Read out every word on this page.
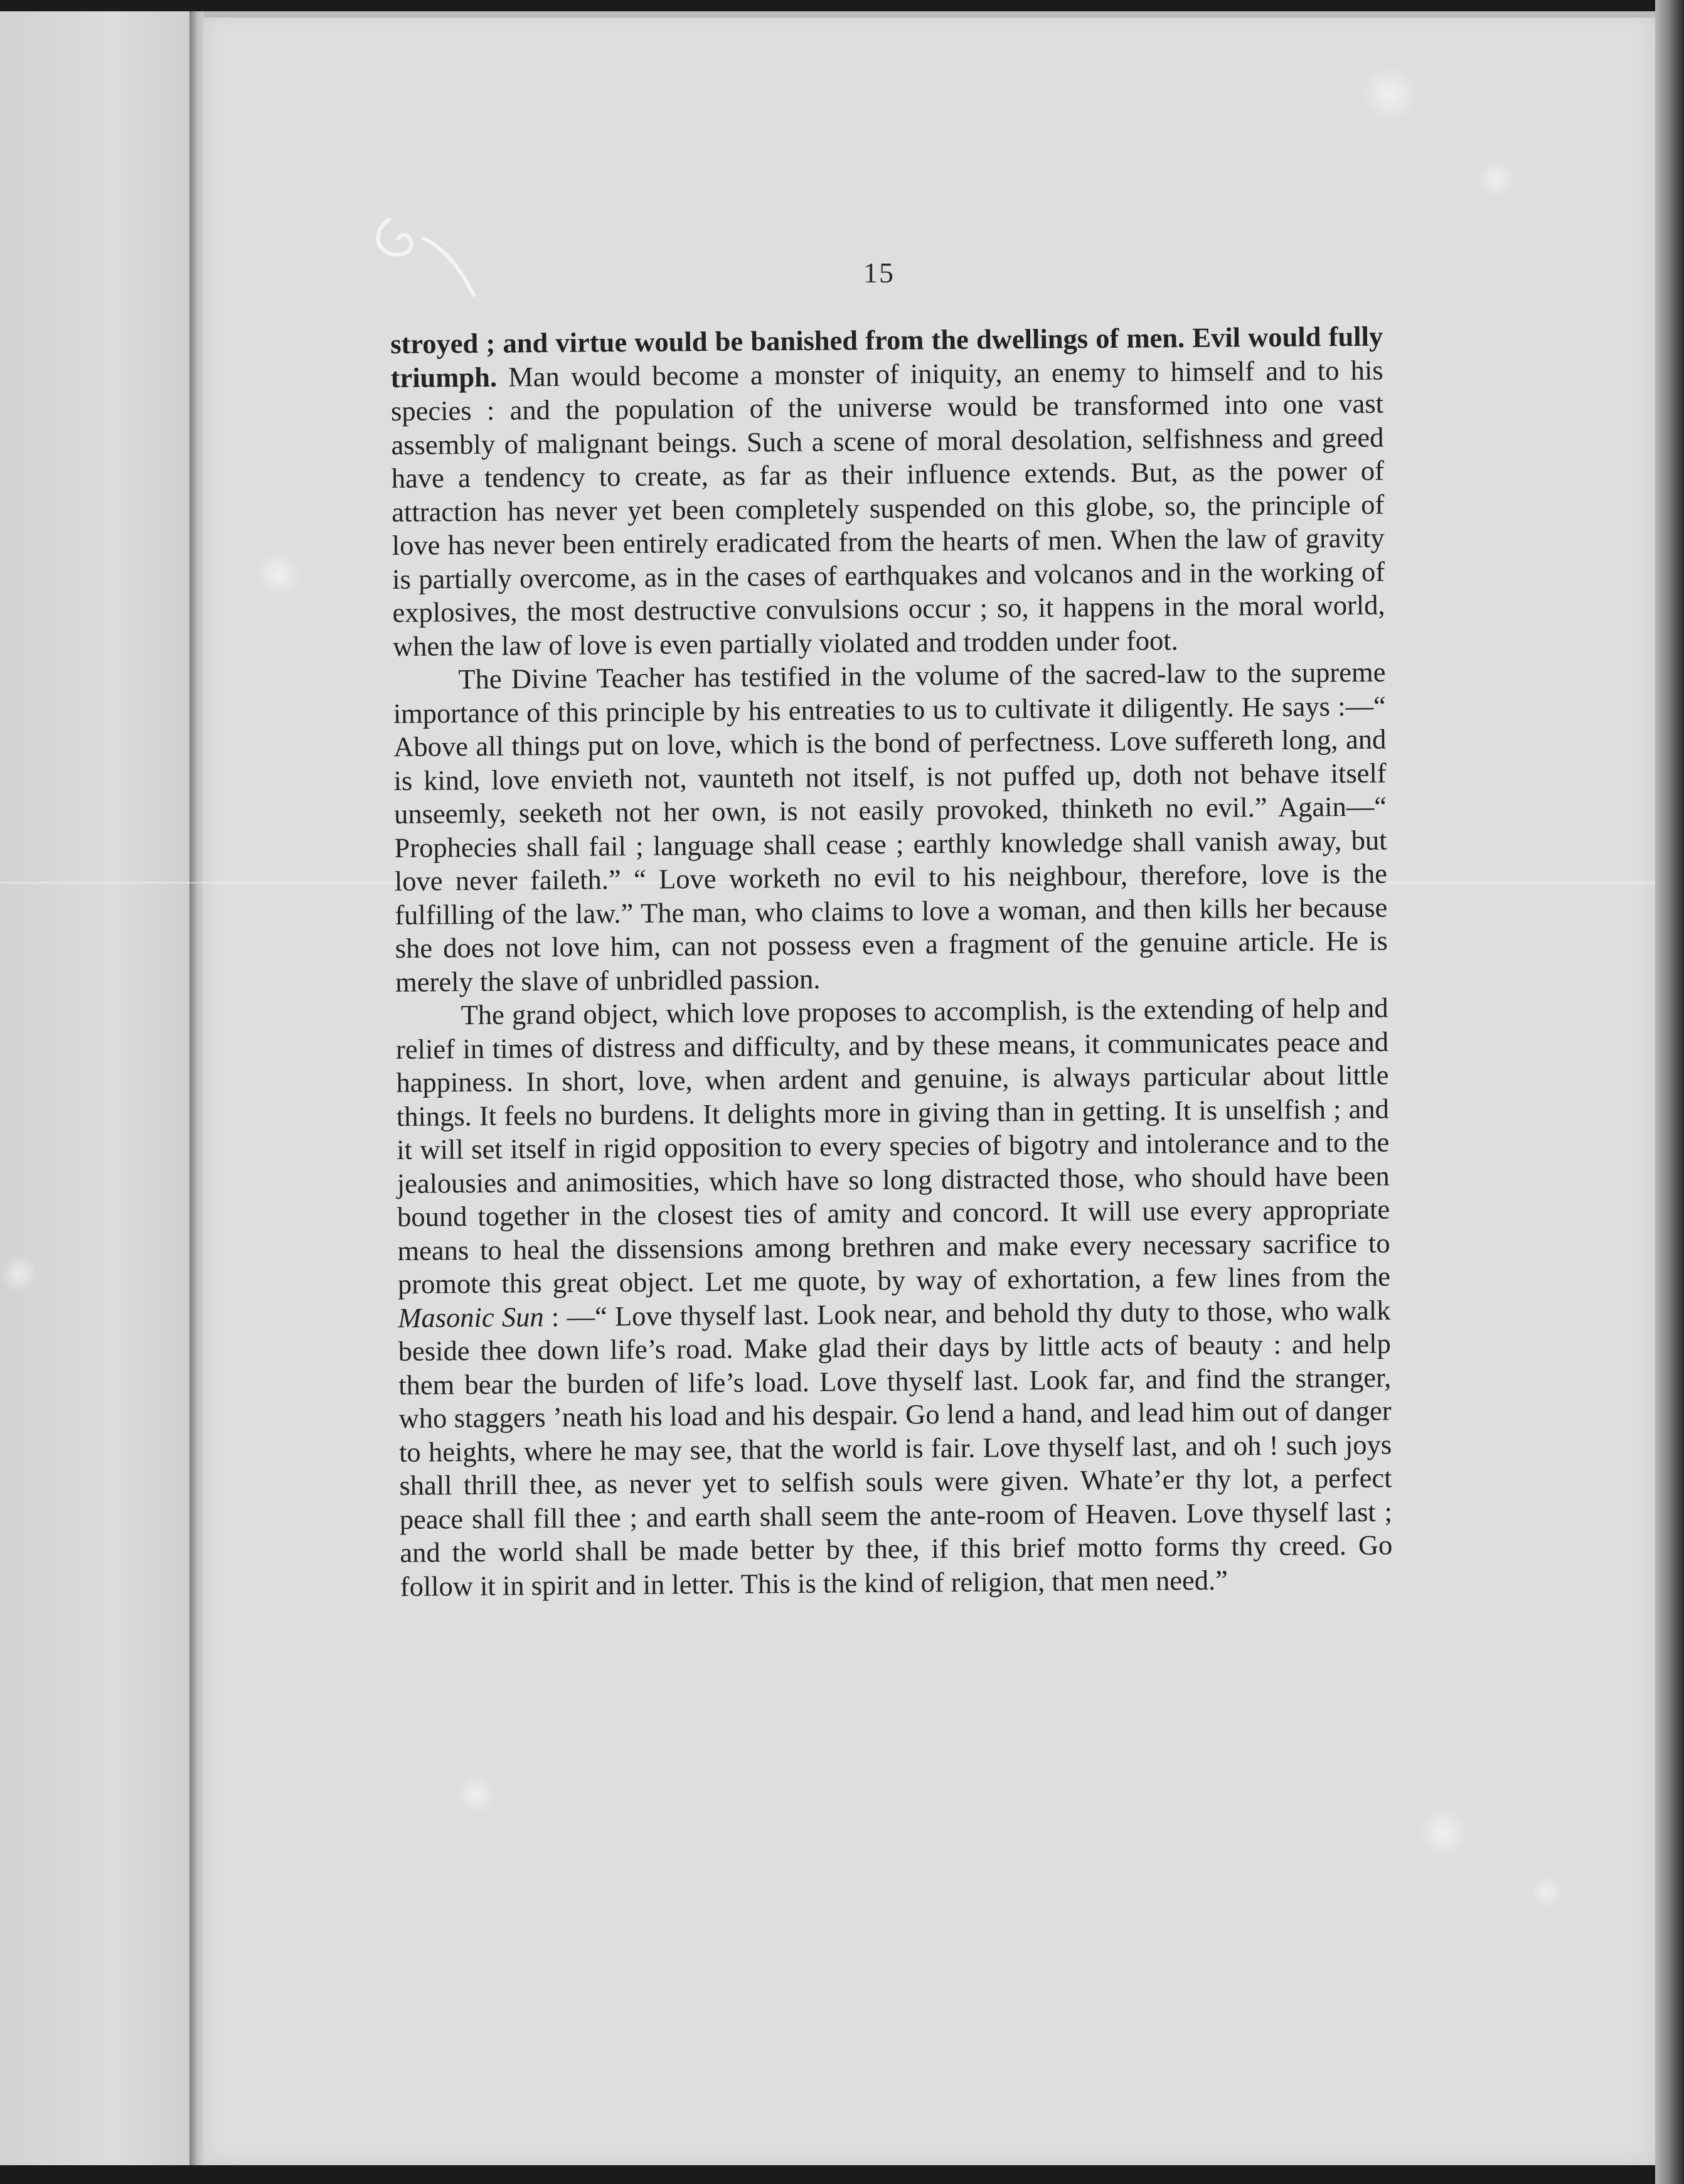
15

stroyed ; and virtue would be banished from the dwellings of men. Evil would fully triumph. Man would become a monster of iniquity, an enemy to himself and to his species : and the population of the universe would be transformed into one vast assembly of malignant beings. Such a scene of moral desolation, selfishness and greed have a tendency to create, as far as their influence extends. But, as the power of attraction has never yet been completely suspended on this globe, so, the principle of love has never been entirely eradicated from the hearts of men. When the law of gravity is partially overcome, as in the cases of earthquakes and volcanos and in the working of explosives, the most destructive convulsions occur ; so, it happens in the moral world, when the law of love is even partially violated and trodden under foot.

The Divine Teacher has testified in the volume of the sacred-law to the supreme importance of this principle by his entreaties to us to cultivate it diligently. He says :—“ Above all things put on love, which is the bond of perfectness. Love suffereth long, and is kind, love envieth not, vaunteth not itself, is not puffed up, doth not behave itself unseemly, seeketh not her own, is not easily provoked, thinketh no evil.” Again—“ Prophecies shall fail ; language shall cease ; earthly knowledge shall vanish away, but love never faileth.” “ Love worketh no evil to his neighbour, therefore, love is the fulfilling of the law.” The man, who claims to love a woman, and then kills her because she does not love him, can not possess even a fragment of the genuine article. He is merely the slave of unbridled passion.

The grand object, which love proposes to accomplish, is the extending of help and relief in times of distress and difficulty, and by these means, it communicates peace and happiness. In short, love, when ardent and genuine, is always particular about little things. It feels no burdens. It delights more in giving than in getting. It is unselfish ; and it will set itself in rigid opposition to every species of bigotry and intolerance and to the jealousies and animosities, which have so long distracted those, who should have been bound together in the closest ties of amity and concord. It will use every appropriate means to heal the dissensions among brethren and make every necessary sacrifice to promote this great object. Let me quote, by way of exhortation, a few lines from the Masonic Sun : —“ Love thyself last. Look near, and behold thy duty to those, who walk beside thee down life’s road. Make glad their days by little acts of beauty : and help them bear the burden of life’s load. Love thyself last. Look far, and find the stranger, who staggers ’neath his load and his despair. Go lend a hand, and lead him out of danger to heights, where he may see, that the world is fair. Love thyself last, and oh ! such joys shall thrill thee, as never yet to selfish souls were given. Whate’er thy lot, a perfect peace shall fill thee ; and earth shall seem the ante-room of Heaven. Love thyself last ; and the world shall be made better by thee, if this brief motto forms thy creed. Go follow it in spirit and in letter. This is the kind of religion, that men need.”
